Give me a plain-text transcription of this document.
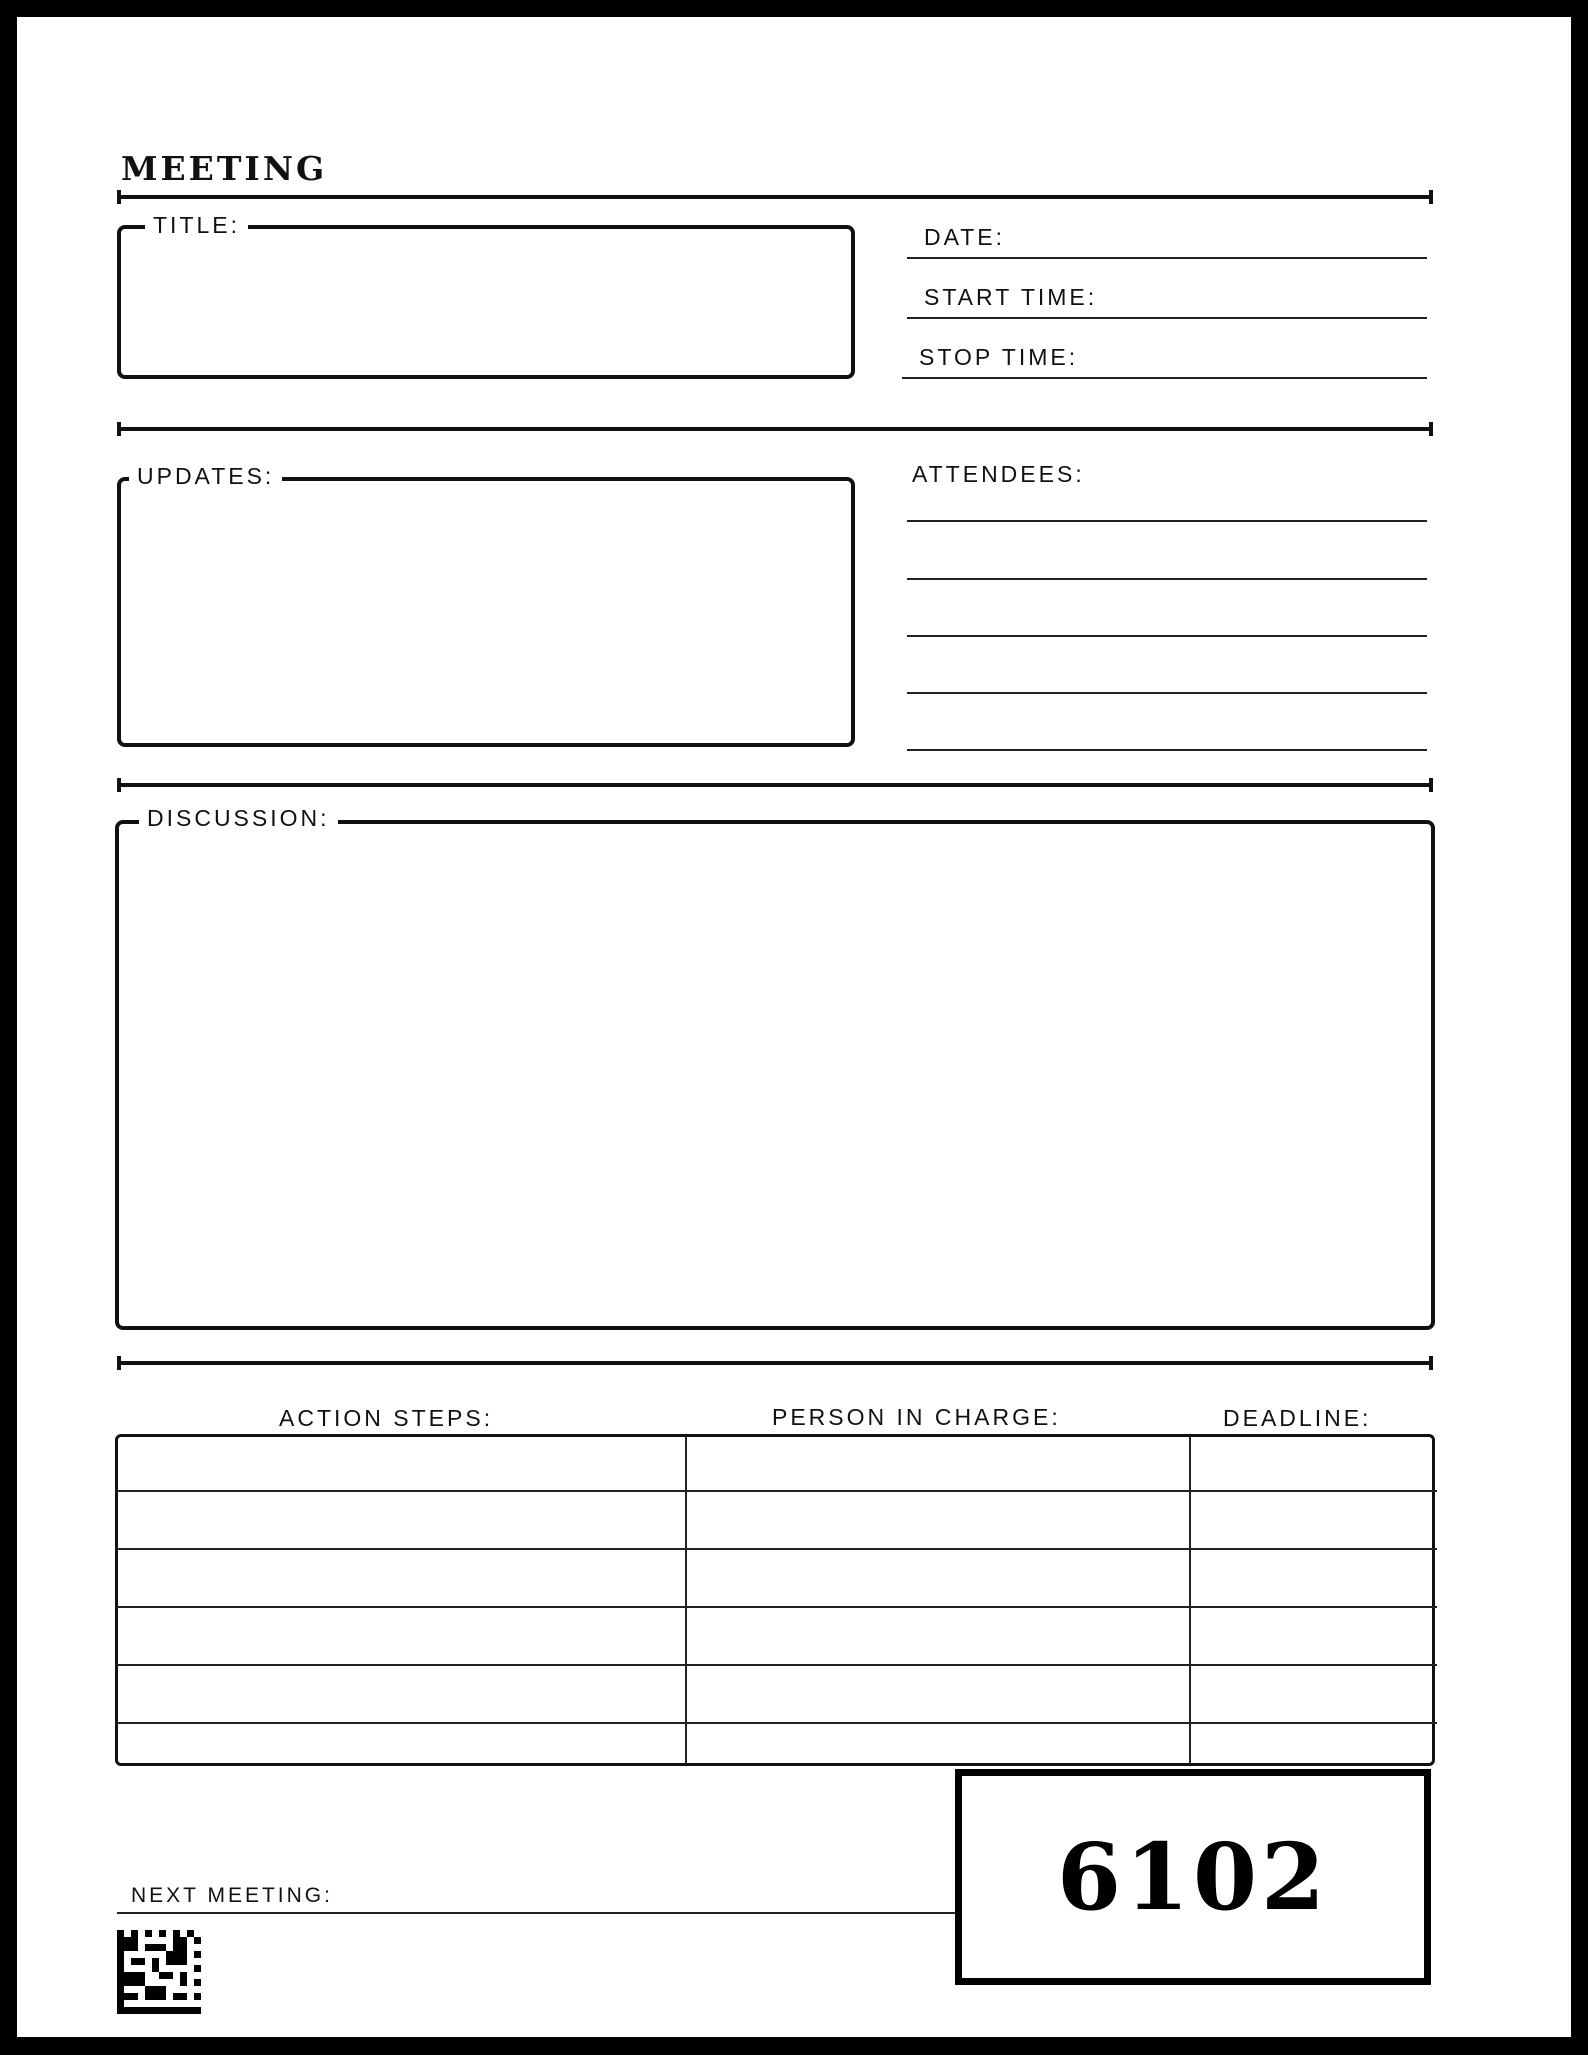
MEETING
TITLE:	DATE:
START TIME:
STOP TIME:
UPDATES:	ATTENDEES:
DISCUSSION:
ACTION STEPS:	PERSON IN CHARGE:	DEADLINE:
NEXT MEETING:	6102
